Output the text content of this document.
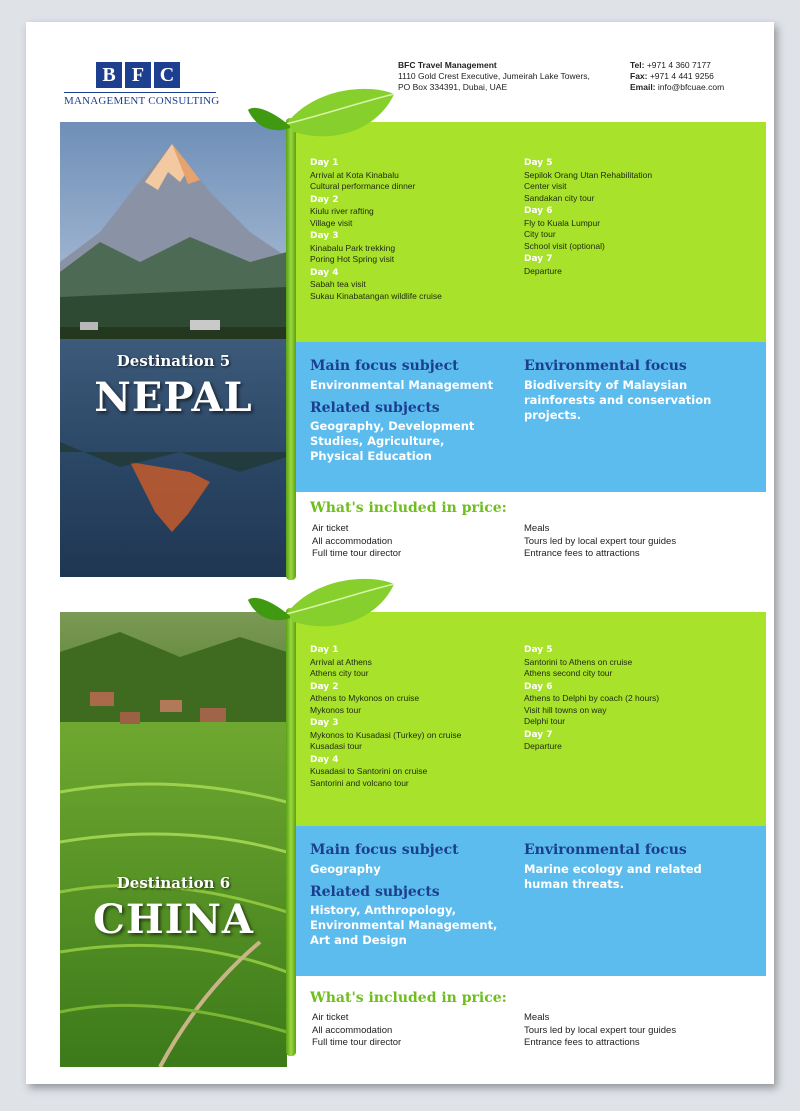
B F C
MANAGEMENT CONSULTING
BFC Travel Management
1110 Gold Crest Executive, Jumeirah Lake Towers,
PO Box 334391, Dubai, UAE
Tel: +971 4 360 7177
Fax: +971 4 441 9256
Email: info@bfcuae.com
Destination 5
NEPAL
Day 1
Arrival at Kota Kinabalu
Cultural performance dinner
Day 2
Kiulu river rafting
Village visit
Day 3
Kinabalu Park trekking
Poring Hot Spring visit
Day 4
Sabah tea visit
Sukau Kinabatangan wildlife cruise
Day 5
Sepilok Orang Utan Rehabilitation
Center visit
Sandakan city tour
Day 6
Fly to Kuala Lumpur
City tour
School visit (optional)
Day 7
Departure
Main focus subject
Environmental Management
Related subjects
Geography, Development
Studies, Agriculture,
Physical Education
Environmental focus
Biodiversity of Malaysian
rainforests and conservation
projects.
What's included in price:
Air ticket
All accommodation
Full time tour director
Meals
Tours led by local expert tour guides
Entrance fees to attractions
Destination 6
CHINA
Day 1
Arrival at Athens
Athens city tour
Day 2
Athens to Mykonos on cruise
Mykonos tour
Day 3
Mykonos to Kusadasi (Turkey) on cruise
Kusadasi tour
Day 4
Kusadasi to Santorini on cruise
Santorini and volcano tour
Day 5
Santorini to Athens on cruise
Athens second city tour
Day 6
Athens to Delphi by coach (2 hours)
Visit hill towns on way
Delphi tour
Day 7
Departure
Main focus subject
Geography
Related subjects
History, Anthropology,
Environmental Management,
Art and Design
Environmental focus
Marine ecology and related
human threats.
What's included in price:
Air ticket
All accommodation
Full time tour director
Meals
Tours led by local expert tour guides
Entrance fees to attractions
